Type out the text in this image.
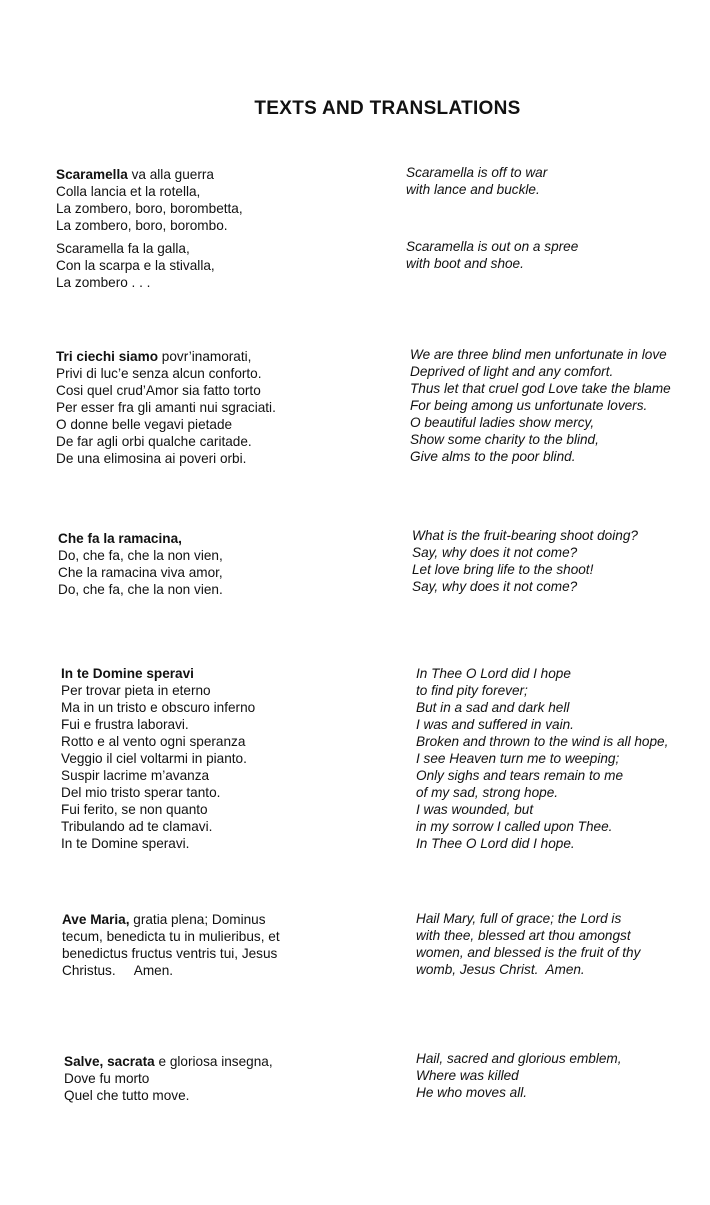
TEXTS AND TRANSLATIONS
Scaramella va alla guerra
Colla lancia et la rotella,
La zombero, boro, borombetta,
La zombero, boro, borombo.
Scaramella fa la galla,
Con la scarpa e la stivalla,
La zombero . . .
Scaramella is off to war
with lance and buckle.
Scaramella is out on a spree
with boot and shoe.
Tri ciechi siamo povr’inamorati,
Privi di luc’e senza alcun conforto.
Cosi quel crud’Amor sia fatto torto
Per esser fra gli amanti nui sgraciati.
O donne belle vegavi pietade
De far agli orbi qualche caritade.
De una elimosina ai poveri orbi.
We are three blind men unfortunate in love
Deprived of light and any comfort.
Thus let that cruel god Love take the blame
For being among us unfortunate lovers.
O beautiful ladies show mercy,
Show some charity to the blind,
Give alms to the poor blind.
Che fa la ramacina,
Do, che fa, che la non vien,
Che la ramacina viva amor,
Do, che fa, che la non vien.
What is the fruit-bearing shoot doing?
Say, why does it not come?
Let love bring life to the shoot!
Say, why does it not come?
In te Domine speravi
Per trovar pieta in eterno
Ma in un tristo e obscuro inferno
Fui e frustra laboravi.
Rotto e al vento ogni speranza
Veggio il ciel voltarmi in pianto.
Suspir lacrime m’avanza
Del mio tristo sperar tanto.
Fui ferito, se non quanto
Tribulando ad te clamavi.
In te Domine speravi.
In Thee O Lord did I hope
to find pity forever;
But in a sad and dark hell
I was and suffered in vain.
Broken and thrown to the wind is all hope,
I see Heaven turn me to weeping;
Only sighs and tears remain to me
of my sad, strong hope.
I was wounded, but
in my sorrow I called upon Thee.
In Thee O Lord did I hope.
Ave Maria, gratia plena; Dominus
tecum, benedicta tu in mulieribus, et
benedictus fructus ventris tui, Jesus
Christus.     Amen.
Hail Mary, full of grace; the Lord is
with thee, blessed art thou amongst
women, and blessed is the fruit of thy
womb, Jesus Christ.  Amen.
Salve, sacrata e gloriosa insegna,
Dove fu morto
Quel che tutto move.
Hail, sacred and glorious emblem,
Where was killed
He who moves all.
